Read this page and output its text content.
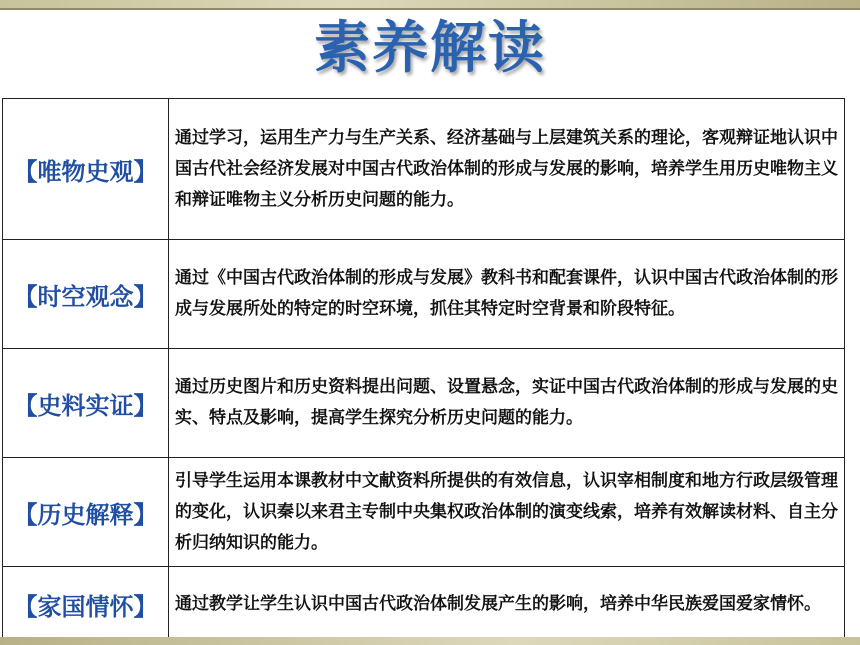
素养解读
【唯物史观】	通过学习，运用生产力与生产关系、经济基础与上层建筑关系的理论，客观辩证地认识中国古代社会经济发展对中国古代政治体制的形成与发展的影响，培养学生用历史唯物主义和辩证唯物主义分析历史问题的能力。
【时空观念】	通过《中国古代政治体制的形成与发展》教科书和配套课件，认识中国古代政治体制的形成与发展所处的特定的时空环境，抓住其特定时空背景和阶段特征。
【史料实证】	通过历史图片和历史资料提出问题、设置悬念，实证中国古代政治体制的形成与发展的史实、特点及影响，提高学生探究分析历史问题的能力。
【历史解释】	引导学生运用本课教材中文献资料所提供的有效信息，认识宰相制度和地方行政层级管理的变化，认识秦以来君主专制中央集权政治体制的演变线索，培养有效解读材料、自主分析归纳知识的能力。
【家国情怀】	通过教学让学生认识中国古代政治体制发展产生的影响，培养中华民族爱国爱家情怀。
